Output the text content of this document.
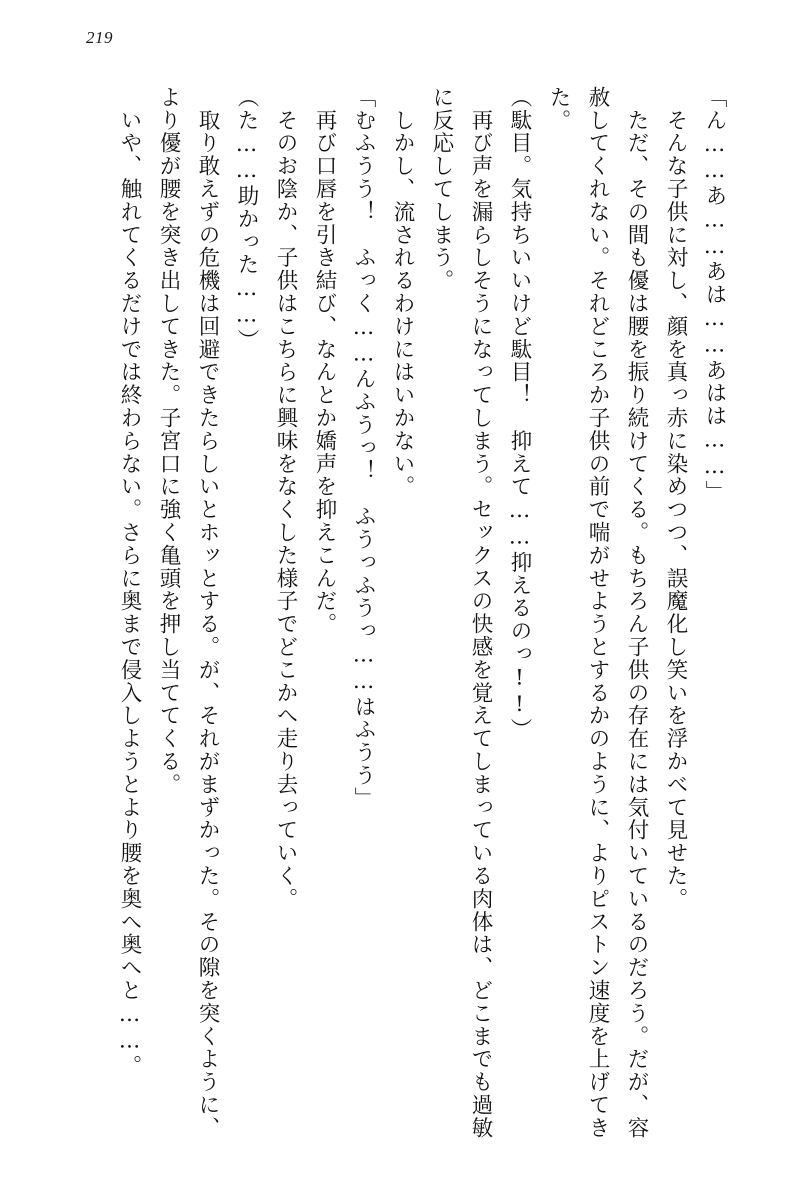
219

「ん……あ……あは……あはは……」

　そんな子供に対し、顔を真っ赤に染めつつ、誤魔化し笑いを浮かべて見せた。

　ただ、その間も優は腰を振り続けてくる。もちろん子供の存在には気付いているのだろう。だが、容赦してくれない。それどころか子供の前で喘がせようとするかのように、よりピストン速度を上げてきた。

（駄目。気持ちいいけど駄目！　抑えて……抑えるのっ!!）

　再び声を漏らしそうになってしまう。セックスの快感を覚えてしまっている肉体は、どこまでも過敏に反応してしまう。

　しかし、流されるわけにはいかない。

「むふうう！　ふっく……んふうっ！　ふうっふうっ……はふうう」

　再び口唇を引き結び、なんとか嬌声を抑えこんだ。

　そのお陰か、子供はこちらに興味をなくした様子でどこかへ走り去っていく。

（た……助かった……）

　取り敢えずの危機は回避できたらしいとホッとする。が、それがまずかった。その隙を突くように、より優が腰を突き出してきた。子宮口に強く亀頭を押し当ててくる。

　いや、触れてくるだけでは終わらない。さらに奥まで侵入しようとより腰を奥へ奥へと……。
